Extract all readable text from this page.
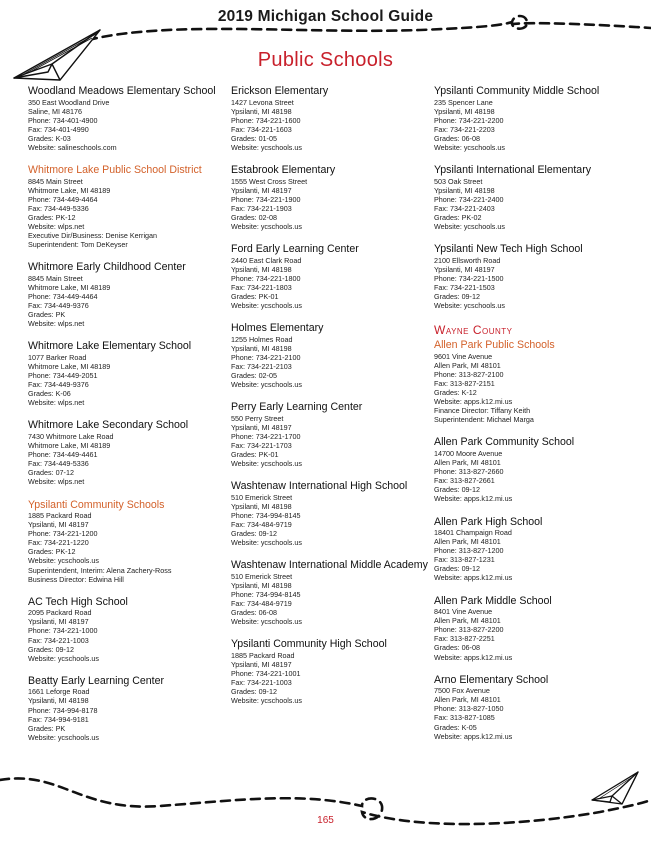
2019 Michigan School Guide
Public Schools
Woodland Meadows Elementary School
350 East Woodland Drive
Saline, MI 48176
Phone: 734-401-4900
Fax: 734-401-4990
Grades: K-03
Website: salineschools.com
Whitmore Lake Public School District
8845 Main Street
Whitmore Lake, MI 48189
Phone: 734-449-4464
Fax: 734-449-5336
Grades: PK-12
Website: wlps.net
Executive Dir/Business: Denise Kerrigan
Superintendent: Tom DeKeyser
Whitmore Early Childhood Center
8845 Main Street
Whitmore Lake, MI 48189
Phone: 734-449-4464
Fax: 734-449-9376
Grades: PK
Website: wlps.net
Whitmore Lake Elementary School
1077 Barker Road
Whitmore Lake, MI 48189
Phone: 734-449-2051
Fax: 734-449-9376
Grades: K-06
Website: wlps.net
Whitmore Lake Secondary School
7430 Whitmore Lake Road
Whitmore Lake, MI 48189
Phone: 734-449-4461
Fax: 734-449-5336
Grades: 07-12
Website: wlps.net
Ypsilanti Community Schools
1885 Packard Road
Ypsilanti, MI 48197
Phone: 734-221-1200
Fax: 734-221-1220
Grades: PK-12
Website: ycschools.us
Superintendent, Interim: Alena Zachery-Ross
Business Director: Edwina Hill
AC Tech High School
2095 Packard Road
Ypsilanti, MI 48197
Phone: 734-221-1000
Fax: 734-221-1003
Grades: 09-12
Website: ycschools.us
Beatty Early Learning Center
1661 Leforge Road
Ypsilanti, MI 48198
Phone: 734-994-8178
Fax: 734-994-9181
Grades: PK
Website: ycschools.us
Erickson Elementary
1427 Levona Street
Ypsilanti, MI 48198
Phone: 734-221-1600
Fax: 734-221-1603
Grades: 01-05
Website: ycschools.us
Estabrook Elementary
1555 West Cross Street
Ypsilanti, MI 48197
Phone: 734-221-1900
Fax: 734-221-1903
Grades: 02-08
Website: ycschools.us
Ford Early Learning Center
2440 East Clark Road
Ypsilanti, MI 48198
Phone: 734-221-1800
Fax: 734-221-1803
Grades: PK-01
Website: ycschools.us
Holmes Elementary
1255 Holmes Road
Ypsilanti, MI 48198
Phone: 734-221-2100
Fax: 734-221-2103
Grades: 02-05
Website: ycschools.us
Perry Early Learning Center
550 Perry Street
Ypsilanti, MI 48197
Phone: 734-221-1700
Fax: 734-221-1703
Grades: PK-01
Website: ycschools.us
Washtenaw International High School
510 Emerick Street
Ypsilanti, MI 48198
Phone: 734-994-8145
Fax: 734-484-9719
Grades: 09-12
Website: ycschools.us
Washtenaw International Middle Academy
510 Emerick Street
Ypsilanti, MI 48198
Phone: 734-994-8145
Fax: 734-484-9719
Grades: 06-08
Website: ycschools.us
Ypsilanti Community High School
1885 Packard Road
Ypsilanti, MI 48197
Phone: 734-221-1001
Fax: 734-221-1003
Grades: 09-12
Website: ycschools.us
Ypsilanti Community Middle School
235 Spencer Lane
Ypsilanti, MI 48198
Phone: 734-221-2200
Fax: 734-221-2203
Grades: 06-08
Website: ycschools.us
Ypsilanti International Elementary
503 Oak Street
Ypsilanti, MI 48198
Phone: 734-221-2400
Fax: 734-221-2403
Grades: PK-02
Website: ycschools.us
Ypsilanti New Tech High School
2100 Ellsworth Road
Ypsilanti, MI 48197
Phone: 734-221-1500
Fax: 734-221-1503
Grades: 09-12
Website: ycschools.us
Wayne County
Allen Park Public Schools
9601 Vine Avenue
Allen Park, MI 48101
Phone: 313-827-2100
Fax: 313-827-2151
Grades: K-12
Website: apps.k12.mi.us
Finance Director: Tiffany Keith
Superintendent: Michael Marga
Allen Park Community School
14700 Moore Avenue
Allen Park, MI 48101
Phone: 313-827-2660
Fax: 313-827-2661
Grades: 09-12
Website: apps.k12.mi.us
Allen Park High School
18401 Champaign Road
Allen Park, MI 48101
Phone: 313-827-1200
Fax: 313-827-1231
Grades: 09-12
Website: apps.k12.mi.us
Allen Park Middle School
8401 Vine Avenue
Allen Park, MI 48101
Phone: 313-827-2200
Fax: 313-827-2251
Grades: 06-08
Website: apps.k12.mi.us
Arno Elementary School
7500 Fox Avenue
Allen Park, MI 48101
Phone: 313-827-1050
Fax: 313-827-1085
Grades: K-05
Website: apps.k12.mi.us
165
